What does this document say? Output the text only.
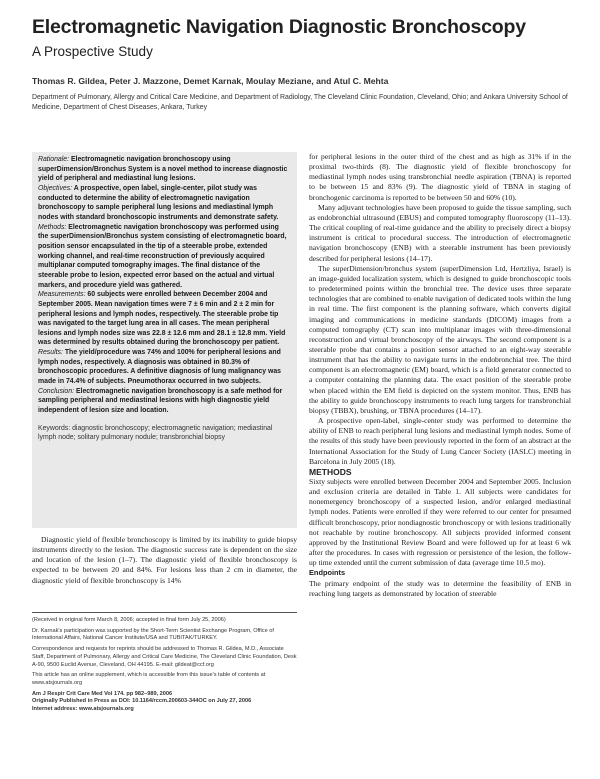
Electromagnetic Navigation Diagnostic Bronchoscopy
A Prospective Study
Thomas R. Gildea, Peter J. Mazzone, Demet Karnak, Moulay Meziane, and Atul C. Mehta
Department of Pulmonary, Allergy and Critical Care Medicine, and Department of Radiology, The Cleveland Clinic Foundation, Cleveland, Ohio; and Ankara University School of Medicine, Department of Chest Diseases, Ankara, Turkey

Rationale: Electromagnetic navigation bronchoscopy using superDimension/Bronchus System is a novel method to increase diagnostic yield of peripheral and mediastinal lung lesions.

Objectives: A prospective, open label, single-center, pilot study was conducted to determine the ability of electromagnetic navigation bronchoscopy to sample peripheral lung lesions and mediastinal lymph nodes with standard bronchoscopic instruments and demonstrate safety.

Methods: Electromagnetic navigation bronchoscopy was performed using the superDimension/Bronchus system consisting of electromagnetic board, position sensor encapsulated in the tip of a steerable probe, extended working channel, and real-time reconstruction of previously acquired multiplanar computed tomography images. The final distance of the steerable probe to lesion, expected error based on the actual and virtual markers, and procedure yield was gathered.

Measurements: 60 subjects were enrolled between December 2004 and September 2005. Mean navigation times were 7 ± 6 min and 2 ± 2 min for peripheral lesions and lymph nodes, respectively. The steerable probe tip was navigated to the target lung area in all cases. The mean peripheral lesions and lymph nodes size was 22.8 ± 12.6 mm and 28.1 ± 12.8 mm. Yield was determined by results obtained during the bronchoscopy per patient.

Results: The yield/procedure was 74% and 100% for peripheral lesions and lymph nodes, respectively. A diagnosis was obtained in 80.3% of bronchoscopic procedures. A definitive diagnosis of lung malignancy was made in 74.4% of subjects. Pneumothorax occurred in two subjects.

Conclusion: Electromagnetic navigation bronchoscopy is a safe method for sampling peripheral and mediastinal lesions with high diagnostic yield independent of lesion size and location.

Keywords: diagnostic bronchoscopy; electromagnetic navigation; mediastinal lymph node; solitary pulmonary nodule; transbronchial biopsy

Diagnostic yield of flexible bronchoscopy is limited by its inability to guide biopsy instruments directly to the lesion. The diagnostic success rate is dependent on the size and location of the lesion (1–7). The diagnostic yield of flexible bronchoscopy is expected to be between 20 and 84%. For lesions less than 2 cm in diameter, the diagnostic yield of flexible bronchoscopy is 14%

(Received in original form March 8, 2006; accepted in final form July 25, 2006)

Dr. Karnak's participation was supported by the Short-Term Scientist Exchange Program, Office of International Affairs, National Cancer Institute/USA and TUBITAK/TURKEY.

Correspondence and requests for reprints should be addressed to Thomas R. Gildea, M.D., Associate Staff, Department of Pulmonary, Allergy and Critical Care Medicine, The Cleveland Clinic Foundation, Desk A-90, 9500 Euclid Avenue, Cleveland, OH 44195. E-mail: gildeat@ccf.org

This article has an online supplement, which is accessible from this issue's table of contents at www.atsjournals.org

Am J Respir Crit Care Med Vol 174. pp 982–989, 2006
Originally Published in Press as DOI: 10.1164/rccm.200603-344OC on July 27, 2006
Internet address: www.atsjournals.org

for peripheral lesions in the outer third of the chest and as high as 31% if in the proximal two-thirds (8). The diagnostic yield of flexible bronchoscopy for mediastinal lymph nodes using transbronchial needle aspiration (TBNA) is reported to be between 15 and 83% (9). The diagnostic yield of TBNA in staging of bronchogenic carcinoma is reported to be between 50 and 60% (10).

Many adjuvant technologies have been proposed to guide the tissue sampling, such as endobronchial ultrasound (EBUS) and computed tomography fluoroscopy (11–13). The critical coupling of real-time guidance and the ability to precisely direct a biopsy instrument is critical to procedural success. The introduction of electromagnetic navigation bronchoscopy (ENB) with a steerable instrument has been previously described for peripheral lesions (14–17).

The superDimension/bronchus system (superDimension Ltd, Hertzliya, Israel) is an image-guided localization system, which is designed to guide bronchoscopic tools to predetermined points within the bronchial tree. The device uses three separate technologies that are combined to enable navigation of dedicated tools within the lung in real time. The first component is the planning software, which converts digital imaging and communications in medicine standards (DICOM) images from a computed tomography (CT) scan into multiplanar images with three-dimensional reconstruction and virtual bronchoscopy of the airways. The second component is a steerable probe that contains a position sensor attached to an eight-way steerable instrument that has the ability to navigate turns in the endobronchial tree. The third component is an electromagnetic (EM) board, which is a field generator connected to a computer containing the planning data. The exact position of the steerable probe when placed within the EM field is depicted on the system monitor. Thus, ENB has the ability to guide bronchoscopy instruments to reach lung targets for transbronchial biopsy (TBBX), brushing, or TBNA procedures (14–17).

A prospective open-label, single-center study was performed to determine the ability of ENB to reach peripheral lung lesions and mediastinal lymph nodes. Some of the results of this study have been previously reported in the form of an abstract at the International Association for the Study of Lung Cancer Society (IASLC) meeting in Barcelona in July 2005 (18).

METHODS

Sixty subjects were enrolled between December 2004 and September 2005. Inclusion and exclusion criteria are detailed in Table 1. All subjects were candidates for nonemergency bronchoscopy of a suspected lesion, and/or enlarged mediastinal lymph nodes. Patients were enrolled if they were referred to our center for presumed difficult bronchoscopy, prior nondiagnostic bronchoscopy or with lesions traditionally not reachable by routine bronchoscopy. All subjects provided informed consent approved by the Institutional Review Board and were followed up for at least 6 wk after the procedures. In cases with regression or persistence of the lesion, the follow-up time extended until the current submission of data (average time 10.5 mo).

Endpoints

The primary endpoint of the study was to determine the feasibility of ENB in reaching lung targets as demonstrated by location of steerable
